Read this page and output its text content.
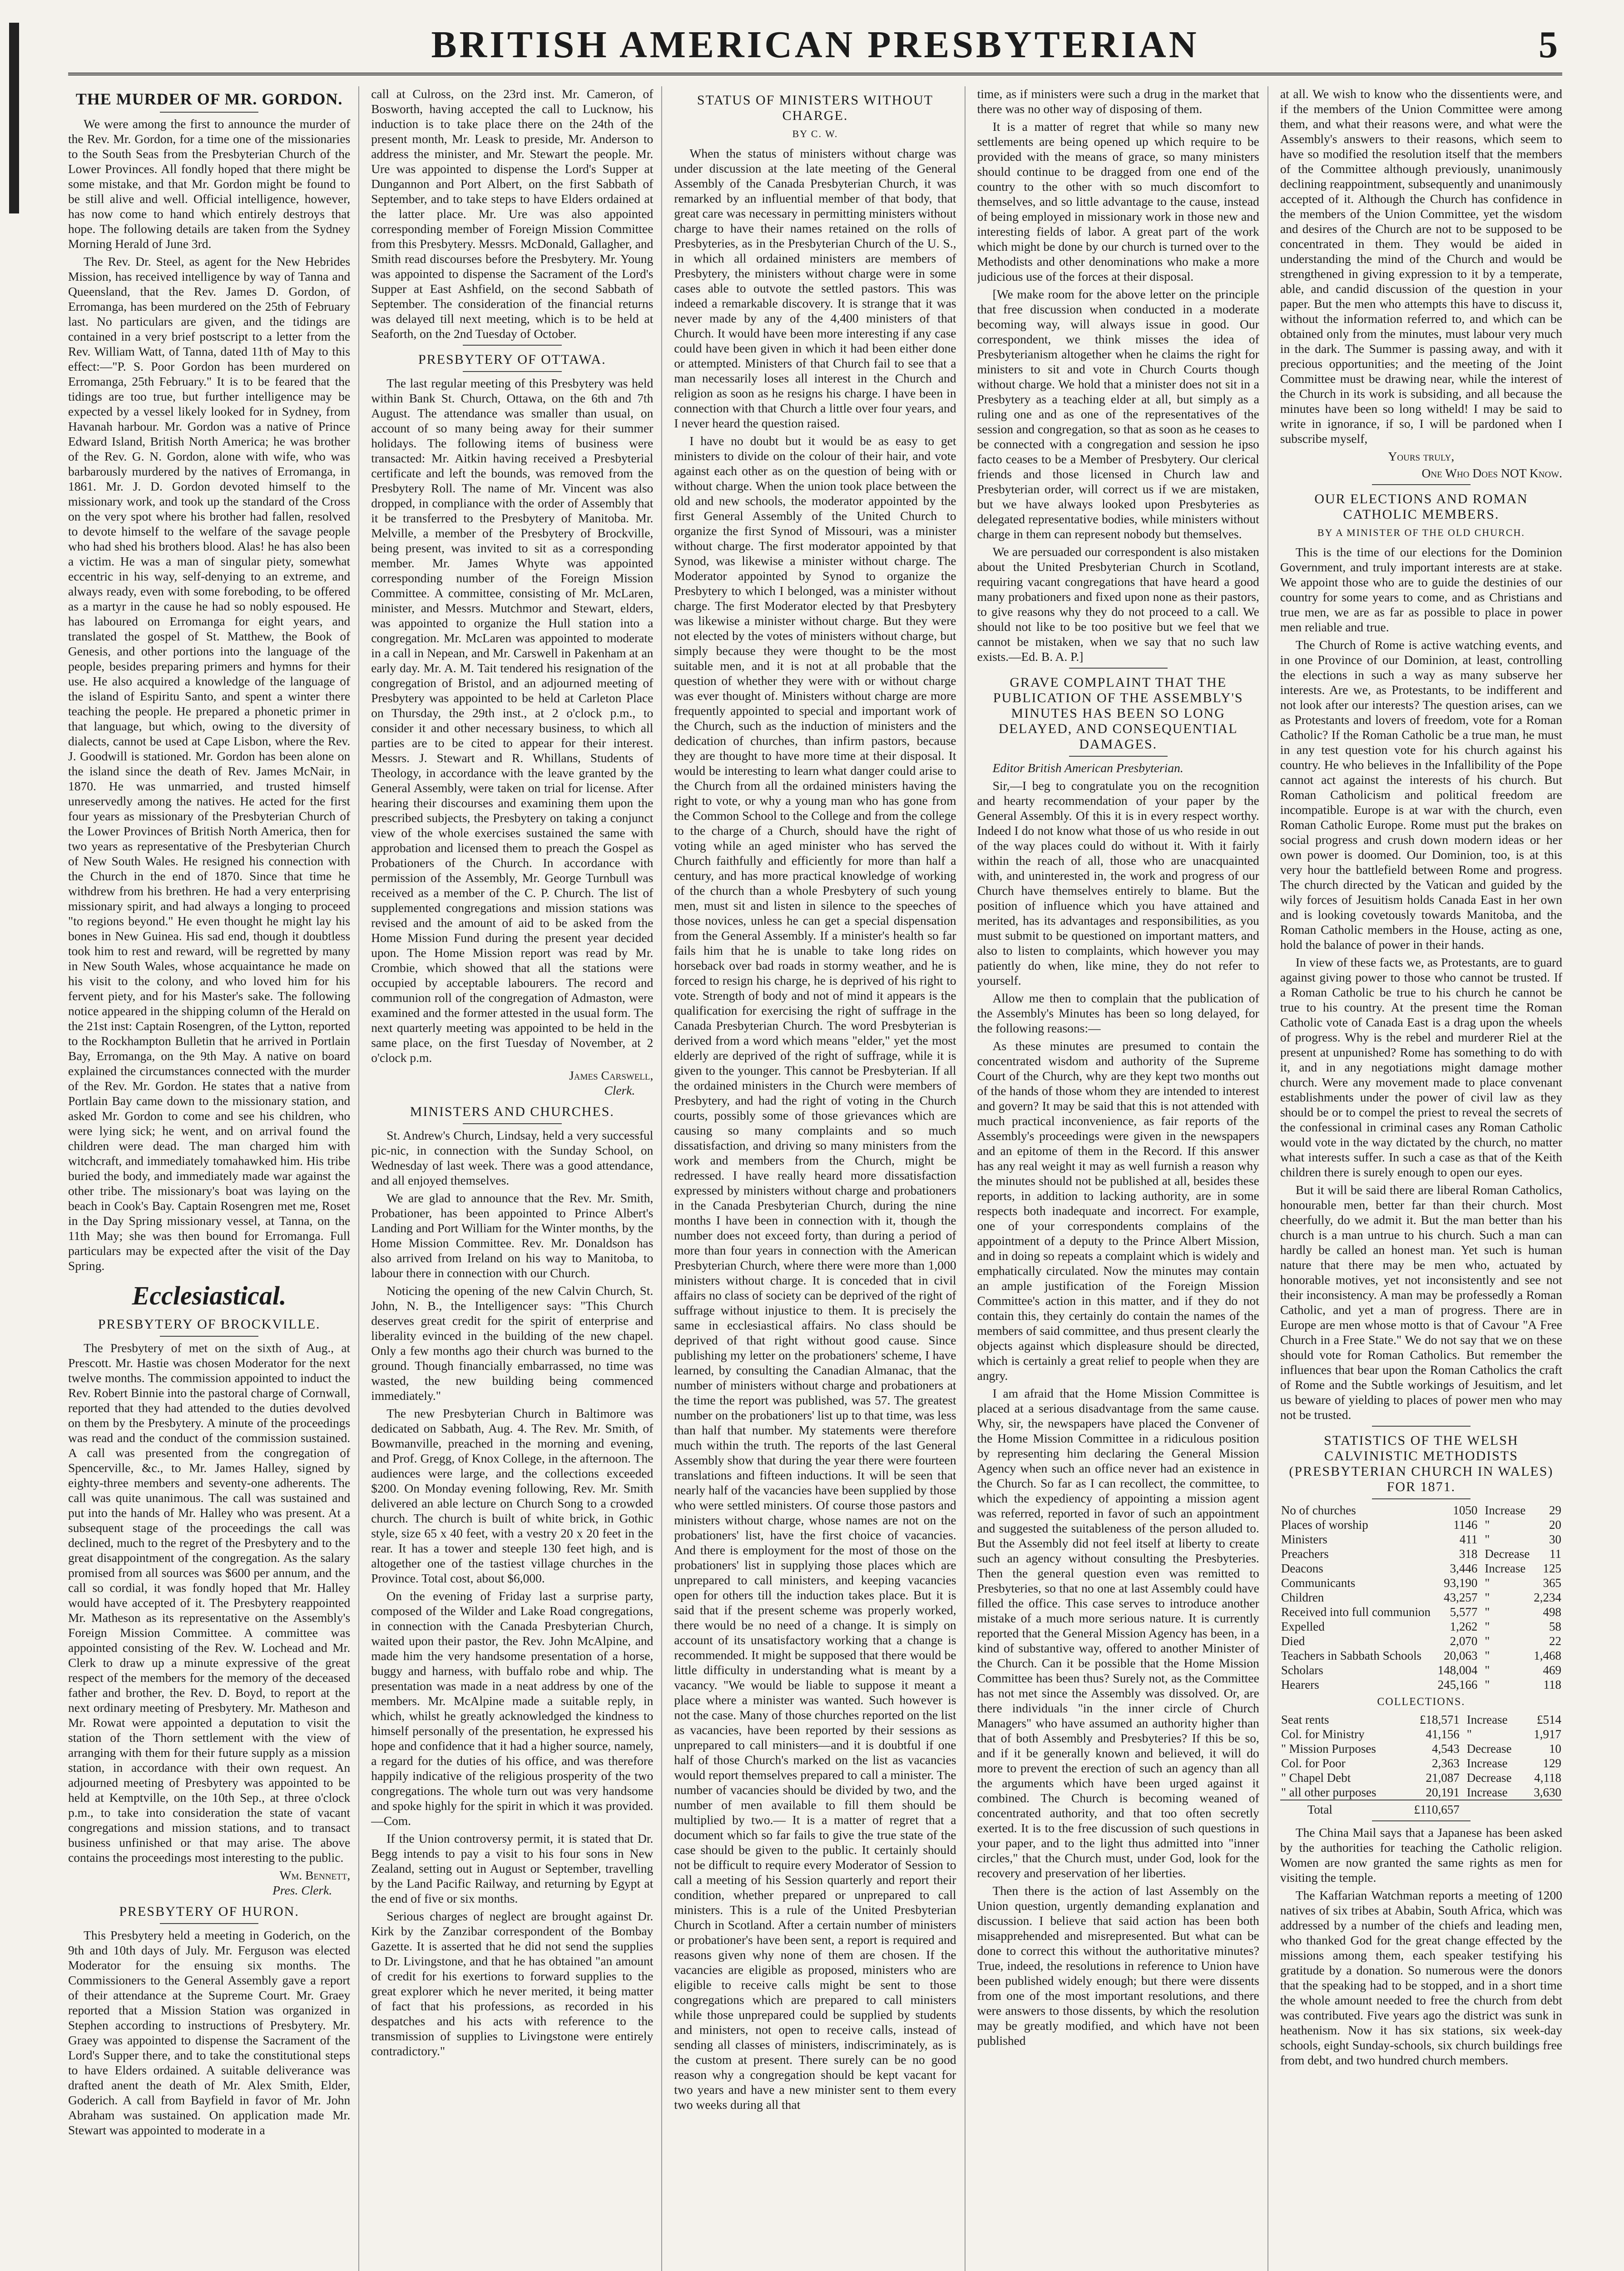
BRITISH AMERICAN PRESBYTERIAN	5
THE MURDER OF MR. GORDON.

We were among the first to announce the murder of the Rev. Mr. Gordon, for a time one of the missionaries to the South Seas from the Presbyterian Church of the Lower Provinces. All fondly hoped that there might be some mistake, and that Mr. Gordon might be found to be still alive and well. Official intelligence, however, has now come to hand which entirely destroys that hope. The following details are taken from the Sydney Morning Herald of June 3rd.

The Rev. Dr. Steel, as agent for the New Hebrides Mission, has received intelligence by way of Tanna and Queensland, that the Rev. James D. Gordon, of Erromanga, has been murdered on the 25th of February last. No particulars are given, and the tidings are contained in a very brief postscript to a letter from the Rev. William Watt, of Tanna, dated 11th of May to this effect:—"P. S. Poor Gordon has been murdered on Erromanga, 25th February." It is to be feared that the tidings are too true, but further intelligence may be expected by a vessel likely looked for in Sydney, from Havanah harbour. Mr. Gordon was a native of Prince Edward Island, British North America; he was brother of the Rev. G. N. Gordon, alone with wife, who was barbarously murdered by the natives of Erromanga, in 1861. Mr. J. D. Gordon devoted himself to the missionary work, and took up the standard of the Cross on the very spot where his brother had fallen, resolved to devote himself to the welfare of the savage people who had shed his brothers blood. Alas! he has also been a victim. He was a man of singular piety, somewhat eccentric in his way, self-denying to an extreme, and always ready, even with some foreboding, to be offered as a martyr in the cause he had so nobly espoused. He has laboured on Erromanga for eight years, and translated the gospel of St. Matthew, the Book of Genesis, and other portions into the language of the people, besides preparing primers and hymns for their use. He also acquired a knowledge of the language of the island of Espiritu Santo, and spent a winter there teaching the people. He prepared a phonetic primer in that language, but which, owing to the diversity of dialects, cannot be used at Cape Lisbon, where the Rev. J. Goodwill is stationed. Mr. Gordon has been alone on the island since the death of Rev. James McNair, in 1870. He was unmarried, and trusted himself unreservedly among the natives. He acted for the first four years as missionary of the Presbyterian Church of the Lower Provinces of British North America, then for two years as representative of the Presbyterian Church of New South Wales. He resigned his connection with the Church in the end of 1870. Since that time he withdrew from his brethren. He had a very enterprising missionary spirit, and had always a longing to proceed "to regions beyond." He even thought he might lay his bones in New Guinea. His sad end, though it doubtless took him to rest and reward, will be regretted by many in New South Wales, whose acquaintance he made on his visit to the colony, and who loved him for his fervent piety, and for his Master's sake. The following notice appeared in the shipping column of the Herald on the 21st inst: Captain Rosengren, of the Lytton, reported to the Rockhampton Bulletin that he arrived in Portlain Bay, Erromanga, on the 9th May. A native on board explained the circumstances connected with the murder of the Rev. Mr. Gordon. He states that a native from Portlain Bay came down to the missionary station, and asked Mr. Gordon to come and see his children, who were lying sick; he went, and on arrival found the children were dead. The man charged him with witchcraft, and immediately tomahawked him. His tribe buried the body, and immediately made war against the other tribe. The missionary's boat was laying on the beach in Cook's Bay. Captain Rosengren met me, Roset in the Day Spring missionary vessel, at Tanna, on the 11th May; she was then bound for Erromanga. Full particulars may be expected after the visit of the Day Spring.

Ecclesiastical.
PRESBYTERY OF BROCKVILLE.

The Presbytery of met on the sixth of Aug., at Prescott. Mr. Hastie was chosen Moderator for the next twelve months. The commission appointed to induct the Rev. Robert Binnie into the pastoral charge of Cornwall, reported that they had attended to the duties devolved on them by the Presbytery. A minute of the proceedings was read and the conduct of the commission sustained. A call was presented from the congregation of Spencerville, &c., to Mr. James Halley, signed by eighty-three members and seventy-one adherents. The call was quite unanimous. The call was sustained and put into the hands of Mr. Halley who was present. At a subsequent stage of the proceedings the call was declined, much to the regret of the Presbytery and to the great disappointment of the congregation. As the salary promised from all sources was $600 per annum, and the call so cordial, it was fondly hoped that Mr. Halley would have accepted of it. The Presbytery reappointed Mr. Matheson as its representative on the Assembly's Foreign Mission Committee. A committee was appointed consisting of the Rev. W. Lochead and Mr. Clerk to draw up a minute expressive of the great respect of the members for the memory of the deceased father and brother, the Rev. D. Boyd, to report at the next ordinary meeting of Presbytery. Mr. Matheson and Mr. Rowat were appointed a deputation to visit the station of the Thorn settlement with the view of arranging with them for their future supply as a mission station, in accordance with their own request. An adjourned meeting of Presbytery was appointed to be held at Kemptville, on the 10th Sep., at three o'clock p.m., to take into consideration the state of vacant congregations and mission stations, and to transact business unfinished or that may arise. The above contains the proceedings most interesting to the public.

Wm. Bennett,
Pres. Clerk.
PRESBYTERY OF HURON.

This Presbytery held a meeting in Goderich, on the 9th and 10th days of July. Mr. Ferguson was elected Moderator for the ensuing six months. The Commissioners to the General Assembly gave a report of their attendance at the Supreme Court. Mr. Graey reported that a Mission Station was organized in Stephen according to instructions of Presbytery. Mr. Graey was appointed to dispense the Sacrament of the Lord's Supper there, and to take the constitutional steps to have Elders ordained. A suitable deliverance was drafted anent the death of Mr. Alex Smith, Elder, Goderich. A call from Bayfield in favor of Mr. John Abraham was sustained. On application made Mr. Stewart was appointed to moderate in a

call at Culross, on the 23rd inst. Mr. Cameron, of Bosworth, having accepted the call to Lucknow, his induction is to take place there on the 24th of the present month, Mr. Leask to preside, Mr. Anderson to address the minister, and Mr. Stewart the people. Mr. Ure was appointed to dispense the Lord's Supper at Dungannon and Port Albert, on the first Sabbath of September, and to take steps to have Elders ordained at the latter place. Mr. Ure was also appointed corresponding member of Foreign Mission Committee from this Presbytery. Messrs. McDonald, Gallagher, and Smith read discourses before the Presbytery. Mr. Young was appointed to dispense the Sacrament of the Lord's Supper at East Ashfield, on the second Sabbath of September. The consideration of the financial returns was delayed till next meeting, which is to be held at Seaforth, on the 2nd Tuesday of October.

PRESBYTERY OF OTTAWA.

The last regular meeting of this Presbytery was held within Bank St. Church, Ottawa, on the 6th and 7th August. The attendance was smaller than usual, on account of so many being away for their summer holidays. The following items of business were transacted: Mr. Aitkin having received a Presbyterial certificate and left the bounds, was removed from the Presbytery Roll. The name of Mr. Vincent was also dropped, in compliance with the order of Assembly that it be transferred to the Presbytery of Manitoba. Mr. Melville, a member of the Presbytery of Brockville, being present, was invited to sit as a corresponding member. Mr. James Whyte was appointed corresponding number of the Foreign Mission Committee. A committee, consisting of Mr. McLaren, minister, and Messrs. Mutchmor and Stewart, elders, was appointed to organize the Hull station into a congregation. Mr. McLaren was appointed to moderate in a call in Nepean, and Mr. Carswell in Pakenham at an early day. Mr. A. M. Tait tendered his resignation of the congregation of Bristol, and an adjourned meeting of Presbytery was appointed to be held at Carleton Place on Thursday, the 29th inst., at 2 o'clock p.m., to consider it and other necessary business, to which all parties are to be cited to appear for their interest. Messrs. J. Stewart and R. Whillans, Students of Theology, in accordance with the leave granted by the General Assembly, were taken on trial for license. After hearing their discourses and examining them upon the prescribed subjects, the Presbytery on taking a conjunct view of the whole exercises sustained the same with approbation and licensed them to preach the Gospel as Probationers of the Church. In accordance with permission of the Assembly, Mr. George Turnbull was received as a member of the C. P. Church. The list of supplemented congregations and mission stations was revised and the amount of aid to be asked from the Home Mission Fund during the present year decided upon. The Home Mission report was read by Mr. Crombie, which showed that all the stations were occupied by acceptable labourers. The record and communion roll of the congregation of Admaston, were examined and the former attested in the usual form. The next quarterly meeting was appointed to be held in the same place, on the first Tuesday of November, at 2 o'clock p.m.

James Carswell,
Clerk.
MINISTERS AND CHURCHES.

St. Andrew's Church, Lindsay, held a very successful pic-nic, in connection with the Sunday School, on Wednesday of last week. There was a good attendance, and all enjoyed themselves.

We are glad to announce that the Rev. Mr. Smith, Probationer, has been appointed to Prince Albert's Landing and Port William for the Winter months, by the Home Mission Committee. Rev. Mr. Donaldson has also arrived from Ireland on his way to Manitoba, to labour there in connection with our Church.

Noticing the opening of the new Calvin Church, St. John, N. B., the Intelligencer says: "This Church deserves great credit for the spirit of enterprise and liberality evinced in the building of the new chapel. Only a few months ago their church was burned to the ground. Though financially embarrassed, no time was wasted, the new building being commenced immediately."

The new Presbyterian Church in Baltimore was dedicated on Sabbath, Aug. 4. The Rev. Mr. Smith, of Bowmanville, preached in the morning and evening, and Prof. Gregg, of Knox College, in the afternoon. The audiences were large, and the collections exceeded $200. On Monday evening following, Rev. Mr. Smith delivered an able lecture on Church Song to a crowded church. The church is built of white brick, in Gothic style, size 65 x 40 feet, with a vestry 20 x 20 feet in the rear. It has a tower and steeple 130 feet high, and is altogether one of the tastiest village churches in the Province. Total cost, about $6,000.

On the evening of Friday last a surprise party, composed of the Wilder and Lake Road congregations, in connection with the Canada Presbyterian Church, waited upon their pastor, the Rev. John McAlpine, and made him the very handsome presentation of a horse, buggy and harness, with buffalo robe and whip. The presentation was made in a neat address by one of the members. Mr. McAlpine made a suitable reply, in which, whilst he greatly acknowledged the kindness to himself personally of the presentation, he expressed his hope and confidence that it had a higher source, namely, a regard for the duties of his office, and was therefore happily indicative of the religious prosperity of the two congregations. The whole turn out was very handsome and spoke highly for the spirit in which it was provided.—Com.

If the Union controversy permit, it is stated that Dr. Begg intends to pay a visit to his four sons in New Zealand, setting out in August or September, travelling by the Land Pacific Railway, and returning by Egypt at the end of five or six months.

Serious charges of neglect are brought against Dr. Kirk by the Zanzibar correspondent of the Bombay Gazette. It is asserted that he did not send the supplies to Dr. Livingstone, and that he has obtained "an amount of credit for his exertions to forward supplies to the great explorer which he never merited, it being matter of fact that his professions, as recorded in his despatches and his acts with reference to the transmission of supplies to Livingstone were entirely contradictory."

STATUS OF MINISTERS WITHOUT CHARGE.
BY C. W.

When the status of ministers without charge was under discussion at the late meeting of the General Assembly of the Canada Presbyterian Church, it was remarked by an influential member of that body, that great care was necessary in permitting ministers without charge to have their names retained on the rolls of Presbyteries, as in the Presbyterian Church of the U. S., in which all ordained ministers are members of Presbytery, the ministers without charge were in some cases able to outvote the settled pastors. This was indeed a remarkable discovery. It is strange that it was never made by any of the 4,400 ministers of that Church. It would have been more interesting if any case could have been given in which it had been either done or attempted. Ministers of that Church fail to see that a man necessarily loses all interest in the Church and religion as soon as he resigns his charge. I have been in connection with that Church a little over four years, and I never heard the question raised.

I have no doubt but it would be as easy to get ministers to divide on the colour of their hair, and vote against each other as on the question of being with or without charge. When the union took place between the old and new schools, the moderator appointed by the first General Assembly of the United Church to organize the first Synod of Missouri, was a minister without charge. The first moderator appointed by that Synod, was likewise a minister without charge. The Moderator appointed by Synod to organize the Presbytery to which I belonged, was a minister without charge. The first Moderator elected by that Presbytery was likewise a minister without charge. But they were not elected by the votes of ministers without charge, but simply because they were thought to be the most suitable men, and it is not at all probable that the question of whether they were with or without charge was ever thought of. Ministers without charge are more frequently appointed to special and important work of the Church, such as the induction of ministers and the dedication of churches, than infirm pastors, because they are thought to have more time at their disposal. It would be interesting to learn what danger could arise to the Church from all the ordained ministers having the right to vote, or why a young man who has gone from the Common School to the College and from the college to the charge of a Church, should have the right of voting while an aged minister who has served the Church faithfully and efficiently for more than half a century, and has more practical knowledge of working of the church than a whole Presbytery of such young men, must sit and listen in silence to the speeches of those novices, unless he can get a special dispensation from the General Assembly. If a minister's health so far fails him that he is unable to take long rides on horseback over bad roads in stormy weather, and he is forced to resign his charge, he is deprived of his right to vote. Strength of body and not of mind it appears is the qualification for exercising the right of suffrage in the Canada Presbyterian Church. The word Presbyterian is derived from a word which means "elder," yet the most elderly are deprived of the right of suffrage, while it is given to the younger. This cannot be Presbyterian. If all the ordained ministers in the Church were members of Presbytery, and had the right of voting in the Church courts, possibly some of those grievances which are causing so many complaints and so much dissatisfaction, and driving so many ministers from the work and members from the Church, might be redressed. I have really heard more dissatisfaction expressed by ministers without charge and probationers in the Canada Presbyterian Church, during the nine months I have been in connection with it, though the number does not exceed forty, than during a period of more than four years in connection with the American Presbyterian Church, where there were more than 1,000 ministers without charge. It is conceded that in civil affairs no class of society can be deprived of the right of suffrage without injustice to them. It is precisely the same in ecclesiastical affairs. No class should be deprived of that right without good cause. Since publishing my letter on the probationers' scheme, I have learned, by consulting the Canadian Almanac, that the number of ministers without charge and probationers at the time the report was published, was 57. The greatest number on the probationers' list up to that time, was less than half that number. My statements were therefore much within the truth. The reports of the last General Assembly show that during the year there were fourteen translations and fifteen inductions. It will be seen that nearly half of the vacancies have been supplied by those who were settled ministers. Of course those pastors and ministers without charge, whose names are not on the probationers' list, have the first choice of vacancies. And there is employment for the most of those on the probationers' list in supplying those places which are unprepared to call ministers, and keeping vacancies open for others till the induction takes place. But it is said that if the present scheme was properly worked, there would be no need of a change. It is simply on account of its unsatisfactory working that a change is recommended. It might be supposed that there would be little difficulty in understanding what is meant by a vacancy. "We would be liable to suppose it meant a place where a minister was wanted. Such however is not the case. Many of those churches reported on the list as vacancies, have been reported by their sessions as unprepared to call ministers—and it is doubtful if one half of those Church's marked on the list as vacancies would report themselves prepared to call a minister. The number of vacancies should be divided by two, and the number of men available to fill them should be multiplied by two.— It is a matter of regret that a document which so far fails to give the true state of the case should be given to the public. It certainly should not be difficult to require every Moderator of Session to call a meeting of his Session quarterly and report their condition, whether prepared or unprepared to call ministers. This is a rule of the United Presbyterian Church in Scotland. After a certain number of ministers or probationer's have been sent, a report is required and reasons given why none of them are chosen. If the vacancies are eligible as proposed, ministers who are eligible to receive calls might be sent to those congregations which are prepared to call ministers while those unprepared could be supplied by students and ministers, not open to receive calls, instead of sending all classes of ministers, indiscriminately, as is the custom at present. There surely can be no good reason why a congregation should be kept vacant for two years and have a new minister sent to them every two weeks during all that

time, as if ministers were such a drug in the market that there was no other way of disposing of them.

It is a matter of regret that while so many new settlements are being opened up which require to be provided with the means of grace, so many ministers should continue to be dragged from one end of the country to the other with so much discomfort to themselves, and so little advantage to the cause, instead of being employed in missionary work in those new and interesting fields of labor. A great part of the work which might be done by our church is turned over to the Methodists and other denominations who make a more judicious use of the forces at their disposal.

[We make room for the above letter on the principle that free discussion when conducted in a moderate becoming way, will always issue in good. Our correspondent, we think misses the idea of Presbyterianism altogether when he claims the right for ministers to sit and vote in Church Courts though without charge. We hold that a minister does not sit in a Presbytery as a teaching elder at all, but simply as a ruling one and as one of the representatives of the session and congregation, so that as soon as he ceases to be connected with a congregation and session he ipso facto ceases to be a Member of Presbytery. Our clerical friends and those licensed in Church law and Presbyterian order, will correct us if we are mistaken, but we have always looked upon Presbyteries as delegated representative bodies, while ministers without charge in them can represent nobody but themselves.

We are persuaded our correspondent is also mistaken about the United Presbyterian Church in Scotland, requiring vacant congregations that have heard a good many probationers and fixed upon none as their pastors, to give reasons why they do not proceed to a call. We should not like to be too positive but we feel that we cannot be mistaken, when we say that no such law exists.—Ed. B. A. P.]

GRAVE COMPLAINT THAT THE PUBLICATION OF THE ASSEMBLY'S MINUTES HAS BEEN SO LONG DELAYED, AND CONSEQUENTIAL DAMAGES.

Editor British American Presbyterian.

Sir,—I beg to congratulate you on the recognition and hearty recommendation of your paper by the General Assembly. Of this it is in every respect worthy. Indeed I do not know what those of us who reside in out of the way places could do without it. With it fairly within the reach of all, those who are unacquainted with, and uninterested in, the work and progress of our Church have themselves entirely to blame. But the position of influence which you have attained and merited, has its advantages and responsibilities, as you must submit to be questioned on important matters, and also to listen to complaints, which however you may patiently do when, like mine, they do not refer to yourself.

Allow me then to complain that the publication of the Assembly's Minutes has been so long delayed, for the following reasons:—

As these minutes are presumed to contain the concentrated wisdom and authority of the Supreme Court of the Church, why are they kept two months out of the hands of those whom they are intended to interest and govern? It may be said that this is not attended with much practical inconvenience, as fair reports of the Assembly's proceedings were given in the newspapers and an epitome of them in the Record. If this answer has any real weight it may as well furnish a reason why the minutes should not be published at all, besides these reports, in addition to lacking authority, are in some respects both inadequate and incorrect. For example, one of your correspondents complains of the appointment of a deputy to the Prince Albert Mission, and in doing so repeats a complaint which is widely and emphatically circulated. Now the minutes may contain an ample justification of the Foreign Mission Committee's action in this matter, and if they do not contain this, they certainly do contain the names of the members of said committee, and thus present clearly the objects against which displeasure should be directed, which is certainly a great relief to people when they are angry.

I am afraid that the Home Mission Committee is placed at a serious disadvantage from the same cause. Why, sir, the newspapers have placed the Convener of the Home Mission Committee in a ridiculous position by representing him declaring the General Mission Agency when such an office never had an existence in the Church. So far as I can recollect, the committee, to which the expediency of appointing a mission agent was referred, reported in favor of such an appointment and suggested the suitableness of the person alluded to. But the Assembly did not feel itself at liberty to create such an agency without consulting the Presbyteries. Then the general question even was remitted to Presbyteries, so that no one at last Assembly could have filled the office. This case serves to introduce another mistake of a much more serious nature. It is currently reported that the General Mission Agency has been, in a kind of substantive way, offered to another Minister of the Church. Can it be possible that the Home Mission Committee has been thus? Surely not, as the Committee has not met since the Assembly was dissolved. Or, are there individuals "in the inner circle of Church Managers" who have assumed an authority higher than that of both Assembly and Presbyteries? If this be so, and if it be generally known and believed, it will do more to prevent the erection of such an agency than all the arguments which have been urged against it combined. The Church is becoming weaned of concentrated authority, and that too often secretly exerted. It is to the free discussion of such questions in your paper, and to the light thus admitted into "inner circles," that the Church must, under God, look for the recovery and preservation of her liberties.

Then there is the action of last Assembly on the Union question, urgently demanding explanation and discussion. I believe that said action has been both misapprehended and misrepresented. But what can be done to correct this without the authoritative minutes? True, indeed, the resolutions in reference to Union have been published widely enough; but there were dissents from one of the most important resolutions, and there were answers to those dissents, by which the resolution may be greatly modified, and which have not been published

at all. We wish to know who the dissentients were, and if the members of the Union Committee were among them, and what their reasons were, and what were the Assembly's answers to their reasons, which seem to have so modified the resolution itself that the members of the Committee although previously, unanimously declining reappointment, subsequently and unanimously accepted of it. Although the Church has confidence in the members of the Union Committee, yet the wisdom and desires of the Church are not to be supposed to be concentrated in them. They would be aided in understanding the mind of the Church and would be strengthened in giving expression to it by a temperate, able, and candid discussion of the question in your paper. But the men who attempts this have to discuss it, without the information referred to, and which can be obtained only from the minutes, must labour very much in the dark. The Summer is passing away, and with it precious opportunities; and the meeting of the Joint Committee must be drawing near, while the interest of the Church in its work is subsiding, and all because the minutes have been so long witheld! I may be said to write in ignorance, if so, I will be pardoned when I subscribe myself,

Yours truly,
One Who Does NOT Know.
OUR ELECTIONS AND ROMAN CATHOLIC MEMBERS.
BY A MINISTER OF THE OLD CHURCH.

This is the time of our elections for the Dominion Government, and truly important interests are at stake. We appoint those who are to guide the destinies of our country for some years to come, and as Christians and true men, we are as far as possible to place in power men reliable and true.

The Church of Rome is active watching events, and in one Province of our Dominion, at least, controlling the elections in such a way as many subserve her interests. Are we, as Protestants, to be indifferent and not look after our interests? The question arises, can we as Protestants and lovers of freedom, vote for a Roman Catholic? If the Roman Catholic be a true man, he must in any test question vote for his church against his country. He who believes in the Infallibility of the Pope cannot act against the interests of his church. But Roman Catholicism and political freedom are incompatible. Europe is at war with the church, even Roman Catholic Europe. Rome must put the brakes on social progress and crush down modern ideas or her own power is doomed. Our Dominion, too, is at this very hour the battlefield between Rome and progress. The church directed by the Vatican and guided by the wily forces of Jesuitism holds Canada East in her own and is looking covetously towards Manitoba, and the Roman Catholic members in the House, acting as one, hold the balance of power in their hands.

In view of these facts we, as Protestants, are to guard against giving power to those who cannot be trusted. If a Roman Catholic be true to his church he cannot be true to his country. At the present time the Roman Catholic vote of Canada East is a drag upon the wheels of progress. Why is the rebel and murderer Riel at the present at unpunished? Rome has something to do with it, and in any negotiations might damage mother church. Were any movement made to place convenant establishments under the power of civil law as they should be or to compel the priest to reveal the secrets of the confessional in criminal cases any Roman Catholic would vote in the way dictated by the church, no matter what interests suffer. In such a case as that of the Keith children there is surely enough to open our eyes.

But it will be said there are liberal Roman Catholics, honourable men, better far than their church. Most cheerfully, do we admit it. But the man better than his church is a man untrue to his church. Such a man can hardly be called an honest man. Yet such is human nature that there may be men who, actuated by honorable motives, yet not inconsistently and see not their inconsistency. A man may be professedly a Roman Catholic, and yet a man of progress. There are in Europe are men whose motto is that of Cavour "A Free Church in a Free State." We do not say that we on these should vote for Roman Catholics. But remember the influences that bear upon the Roman Catholics the craft of Rome and the Subtle workings of Jesuitism, and let us beware of yielding to places of power men who may not be trusted.

STATISTICS OF THE WELSH CALVINISTIC METHODISTS (PRESBYTERIAN CHURCH IN WALES) FOR 1871.
No of churches	1050	Increase	29
Places of worship	1146	"	20
Ministers	411	"	30
Preachers	318	Decrease	11
Deacons	3,446	Increase	125
Communicants	93,190	"	365
Children	43,257	"	2,234
Received into full communion	5,577	"	498
Expelled	1,262	"	58
Died	2,070	"	22
Teachers in Sabbath Schools	20,063	"	1,468
Scholars	148,004	"	469
Hearers	245,166	"	118
COLLECTIONS.
Seat rents	£18,571	Increase	£514
Col. for Ministry	41,156	"	1,917
" Mission Purposes	4,543	Decrease	10
Col. for Poor	2,363	Increase	129
" Chapel Debt	21,087	Decrease	4,118
" all other purposes	20,191	Increase	3,630
Total	£110,657		

The China Mail says that a Japanese has been asked by the authorities for teaching the Catholic religion. Women are now granted the same rights as men for visiting the temple.

The Kaffarian Watchman reports a meeting of 1200 natives of six tribes at Ababin, South Africa, which was addressed by a number of the chiefs and leading men, who thanked God for the great change effected by the missions among them, each speaker testifying his gratitude by a donation. So numerous were the donors that the speaking had to be stopped, and in a short time the whole amount needed to free the church from debt was contributed. Five years ago the district was sunk in heathenism. Now it has six stations, six week-day schools, eight Sunday-schools, six church buildings free from debt, and two hundred church members.
